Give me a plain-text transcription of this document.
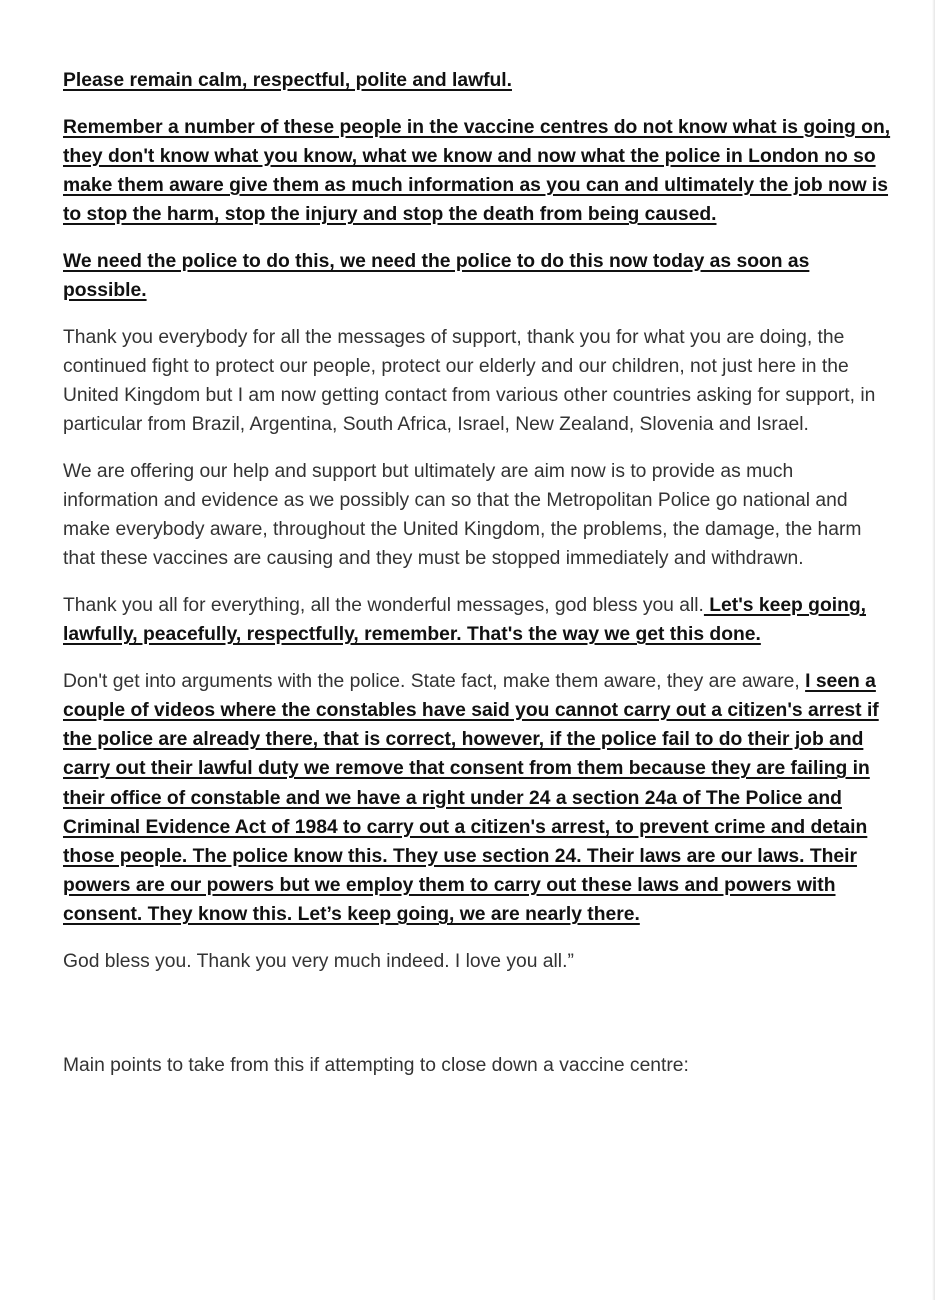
Please remain calm, respectful, polite and lawful.

Remember a number of these people in the vaccine centres do not know what is going on, they don't know what you know, what we know and now what the police in London no so make them aware give them as much information as you can and ultimately the job now is to stop the harm, stop the injury and stop the death from being caused.

We need the police to do this, we need the police to do this now today as soon as possible.

Thank you everybody for all the messages of support, thank you for what you are doing, the continued fight to protect our people, protect our elderly and our children, not just here in the United Kingdom but I am now getting contact from various other countries asking for support, in particular from Brazil, Argentina, South Africa, Israel, New Zealand, Slovenia and Israel.

We are offering our help and support but ultimately are aim now is to provide as much information and evidence as we possibly can so that the Metropolitan Police go national and make everybody aware, throughout the United Kingdom, the problems, the damage, the harm that these vaccines are causing and they must be stopped immediately and withdrawn.

Thank you all for everything, all the wonderful messages, god bless you all. Let's keep going, lawfully, peacefully, respectfully, remember. That's the way we get this done.

Don't get into arguments with the police. State fact, make them aware, they are aware, I seen a couple of videos where the constables have said you cannot carry out a citizen's arrest if the police are already there, that is correct, however, if the police fail to do their job and carry out their lawful duty we remove that consent from them because they are failing in their office of constable and we have a right under 24 a section 24a of The Police and Criminal Evidence Act of 1984 to carry out a citizen's arrest, to prevent crime and detain those people. The police know this. They use section 24. Their laws are our laws. Their powers are our powers but we employ them to carry out these laws and powers with consent. They know this. Let’s keep going, we are nearly there.

God bless you. Thank you very much indeed. I love you all.”

Main points to take from this if attempting to close down a vaccine centre:
